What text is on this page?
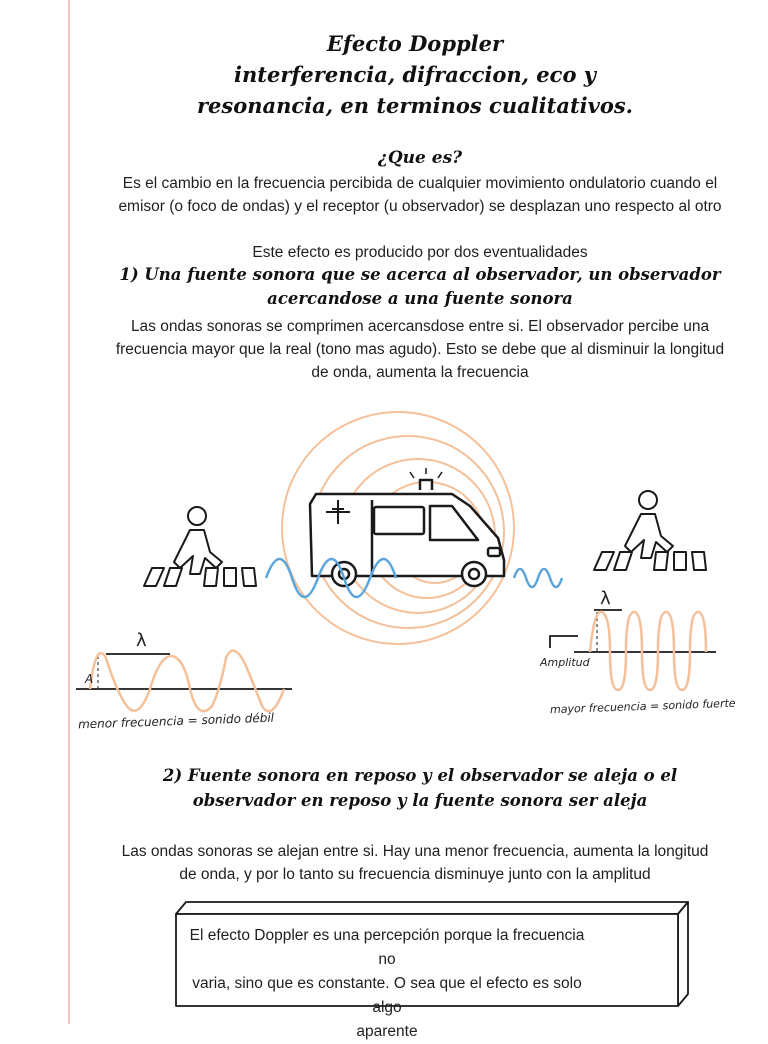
Efecto Doppler
interferencia, difraccion, eco y
resonancia, en terminos cualitativos.
¿Que es?
Es el cambio en la frecuencia percibida de cualquier movimiento ondulatorio cuando el
emisor (o foco de ondas) y el receptor (u observador) se desplazan uno respecto al otro
Este efecto es producido por dos eventualidades
1) Una fuente sonora que se acerca al observador, un observador
acercandose a una fuente sonora
Las ondas sonoras se comprimen acercansdose entre si. El observador percibe una
frecuencia mayor que la real (tono mas agudo). Esto se debe que al disminuir la longitud
de onda, aumenta la frecuencia
λ
A
menor frecuencia = sonido débil
λ
Amplitud
mayor frecuencia = sonido fuerte
2) Fuente sonora en reposo y el observador se aleja o el
observador en reposo y la fuente sonora ser aleja
Las ondas sonoras se alejan entre si. Hay una menor frecuencia, aumenta la longitud
de onda, y por lo tanto su frecuencia disminuye junto con la amplitud
El efecto Doppler es una percepción porque la frecuencia no
varia, sino que es constante. O sea que el efecto es solo algo
aparente
